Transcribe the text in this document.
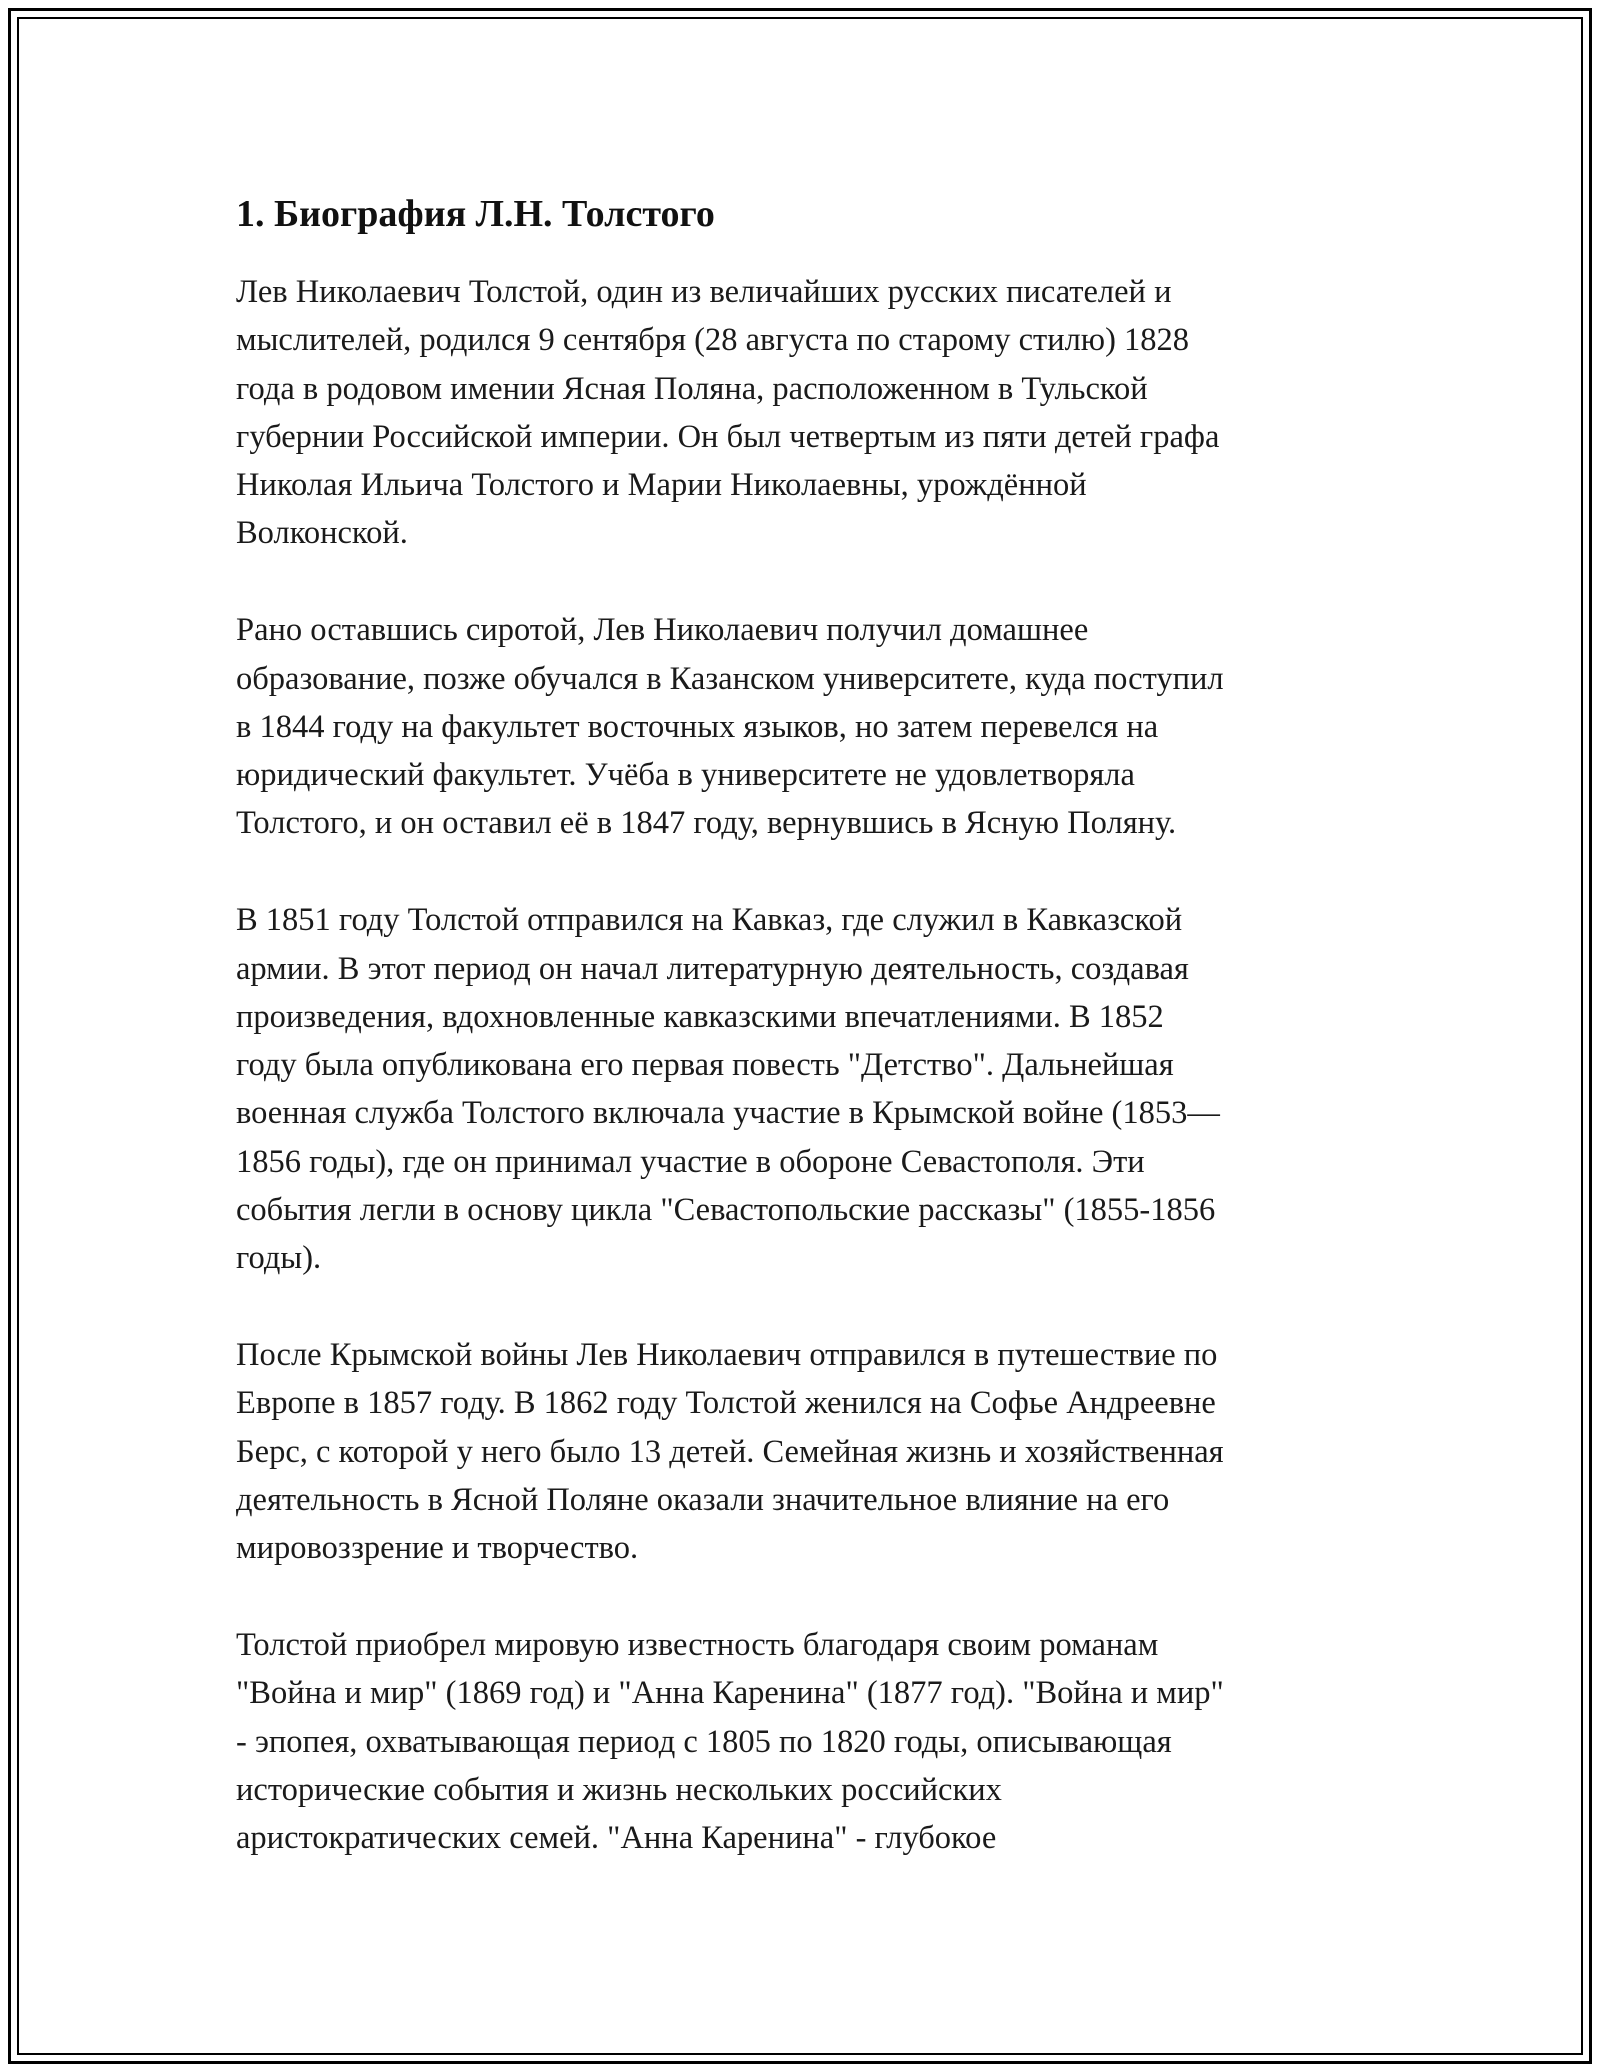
1. Биография Л.Н. Толстого
Лев Николаевич Толстой, один из величайших русских писателей и
мыслителей, родился 9 сентября (28 августа по старому стилю) 1828
года в родовом имении Ясная Поляна, расположенном в Тульской
губернии Российской империи. Он был четвертым из пяти детей графа
Николая Ильича Толстого и Марии Николаевны, урождённой
Волконской.
Рано оставшись сиротой, Лев Николаевич получил домашнее
образование, позже обучался в Казанском университете, куда поступил
в 1844 году на факультет восточных языков, но затем перевелся на
юридический факультет. Учёба в университете не удовлетворяла
Толстого, и он оставил её в 1847 году, вернувшись в Ясную Поляну.
В 1851 году Толстой отправился на Кавказ, где служил в Кавказской
армии. В этот период он начал литературную деятельность, создавая
произведения, вдохновленные кавказскими впечатлениями. В 1852
году была опубликована его первая повесть "Детство". Дальнейшая
военная служба Толстого включала участие в Крымской войне (1853—
1856 годы), где он принимал участие в обороне Севастополя. Эти
события легли в основу цикла "Севастопольские рассказы" (1855-1856
годы).
После Крымской войны Лев Николаевич отправился в путешествие по
Европе в 1857 году. В 1862 году Толстой женился на Софье Андреевне
Берс, с которой у него было 13 детей. Семейная жизнь и хозяйственная
деятельность в Ясной Поляне оказали значительное влияние на его
мировоззрение и творчество.
Толстой приобрел мировую известность благодаря своим романам
"Война и мир" (1869 год) и "Анна Каренина" (1877 год). "Война и мир"
- эпопея, охватывающая период с 1805 по 1820 годы, описывающая
исторические события и жизнь нескольких российских
аристократических семей. "Анна Каренина" - глубокое
